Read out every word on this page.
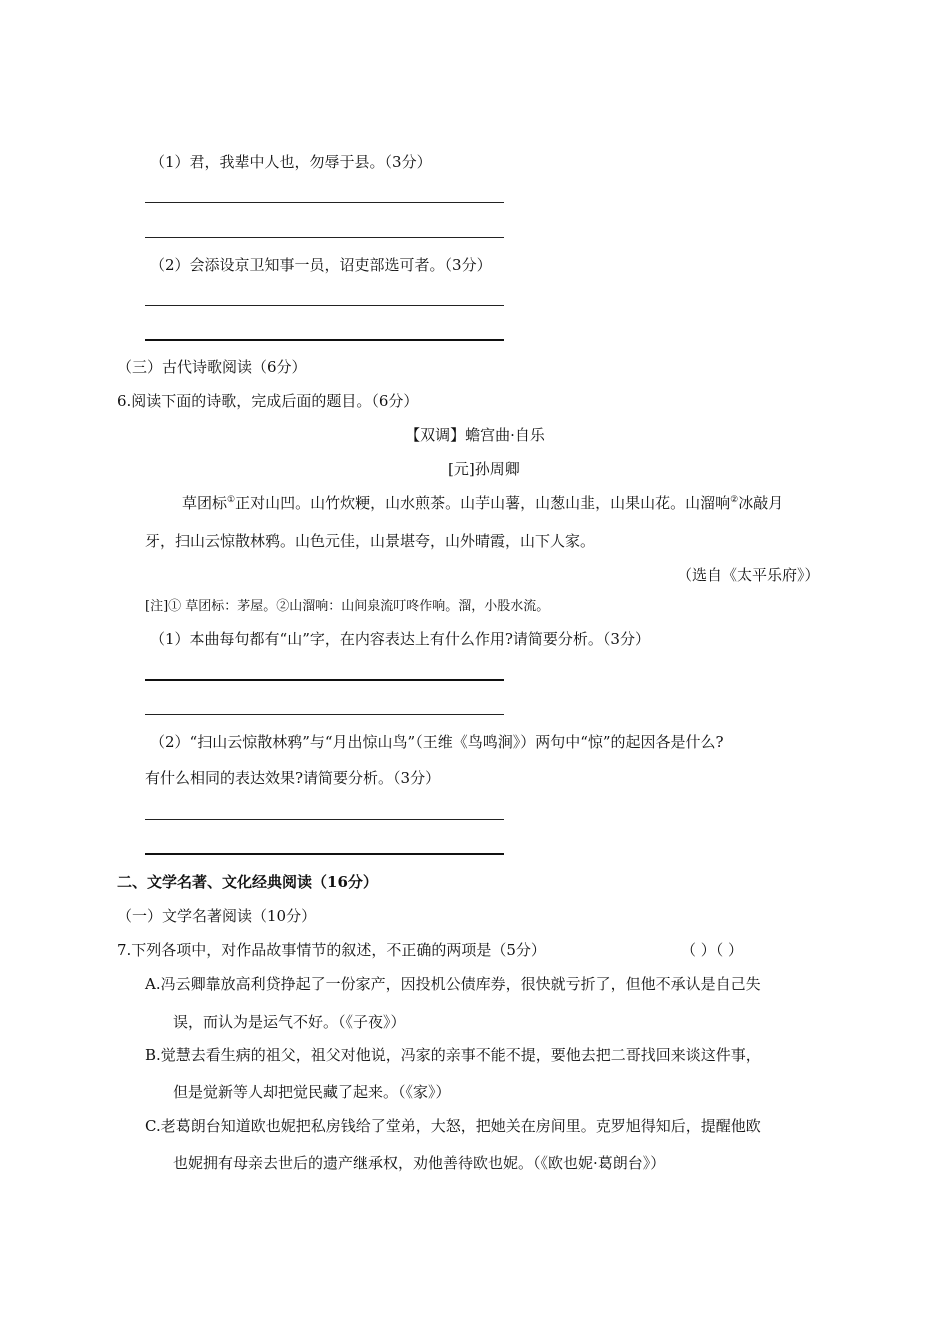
（1）君，我辈中人也，勿辱于县。（3分）
（2）会添设京卫知事一员，诏吏部选可者。（3分）
（三）古代诗歌阅读（6分）
6.阅读下面的诗歌，完成后面的题目。（6分）
【双调】蟾宫曲·自乐
[元]孙周卿
草团标①正对山凹。山竹炊粳，山水煎茶。山芋山薯，山葱山韭，山果山花。山溜响②冰敲月
牙，扫山云惊散林鸦。山色元佳，山景堪夸，山外晴霞，山下人家。
（选自《太平乐府》）
[注]① 草团标：茅屋。②山溜响：山间泉流叮咚作响。溜，小股水流。
（1）本曲每句都有“山”字，在内容表达上有什么作用?请简要分析。（3分）
（2）“扫山云惊散林鸦”与“月出惊山鸟”（王维《鸟鸣涧》）两句中“惊”的起因各是什么?
有什么相同的表达效果?请简要分析。（3分）
二、文学名著、文化经典阅读（16分）
（一）文学名著阅读（10分）
7.下列各项中，对作品故事情节的叙述，不正确的两项是（5分）	（ ）（ ）
A.冯云卿靠放高利贷挣起了一份家产，因投机公债库券，很快就亏折了，但他不承认是自己失
误，而认为是运气不好。（《子夜》）
B.觉慧去看生病的祖父，祖父对他说，冯家的亲事不能不提，要他去把二哥找回来谈这件事，
但是觉新等人却把觉民藏了起来。（《家》）
C.老葛朗台知道欧也妮把私房钱给了堂弟，大怒，把她关在房间里。克罗旭得知后，提醒他欧
也妮拥有母亲去世后的遗产继承权，劝他善待欧也妮。（《欧也妮·葛朗台》）
